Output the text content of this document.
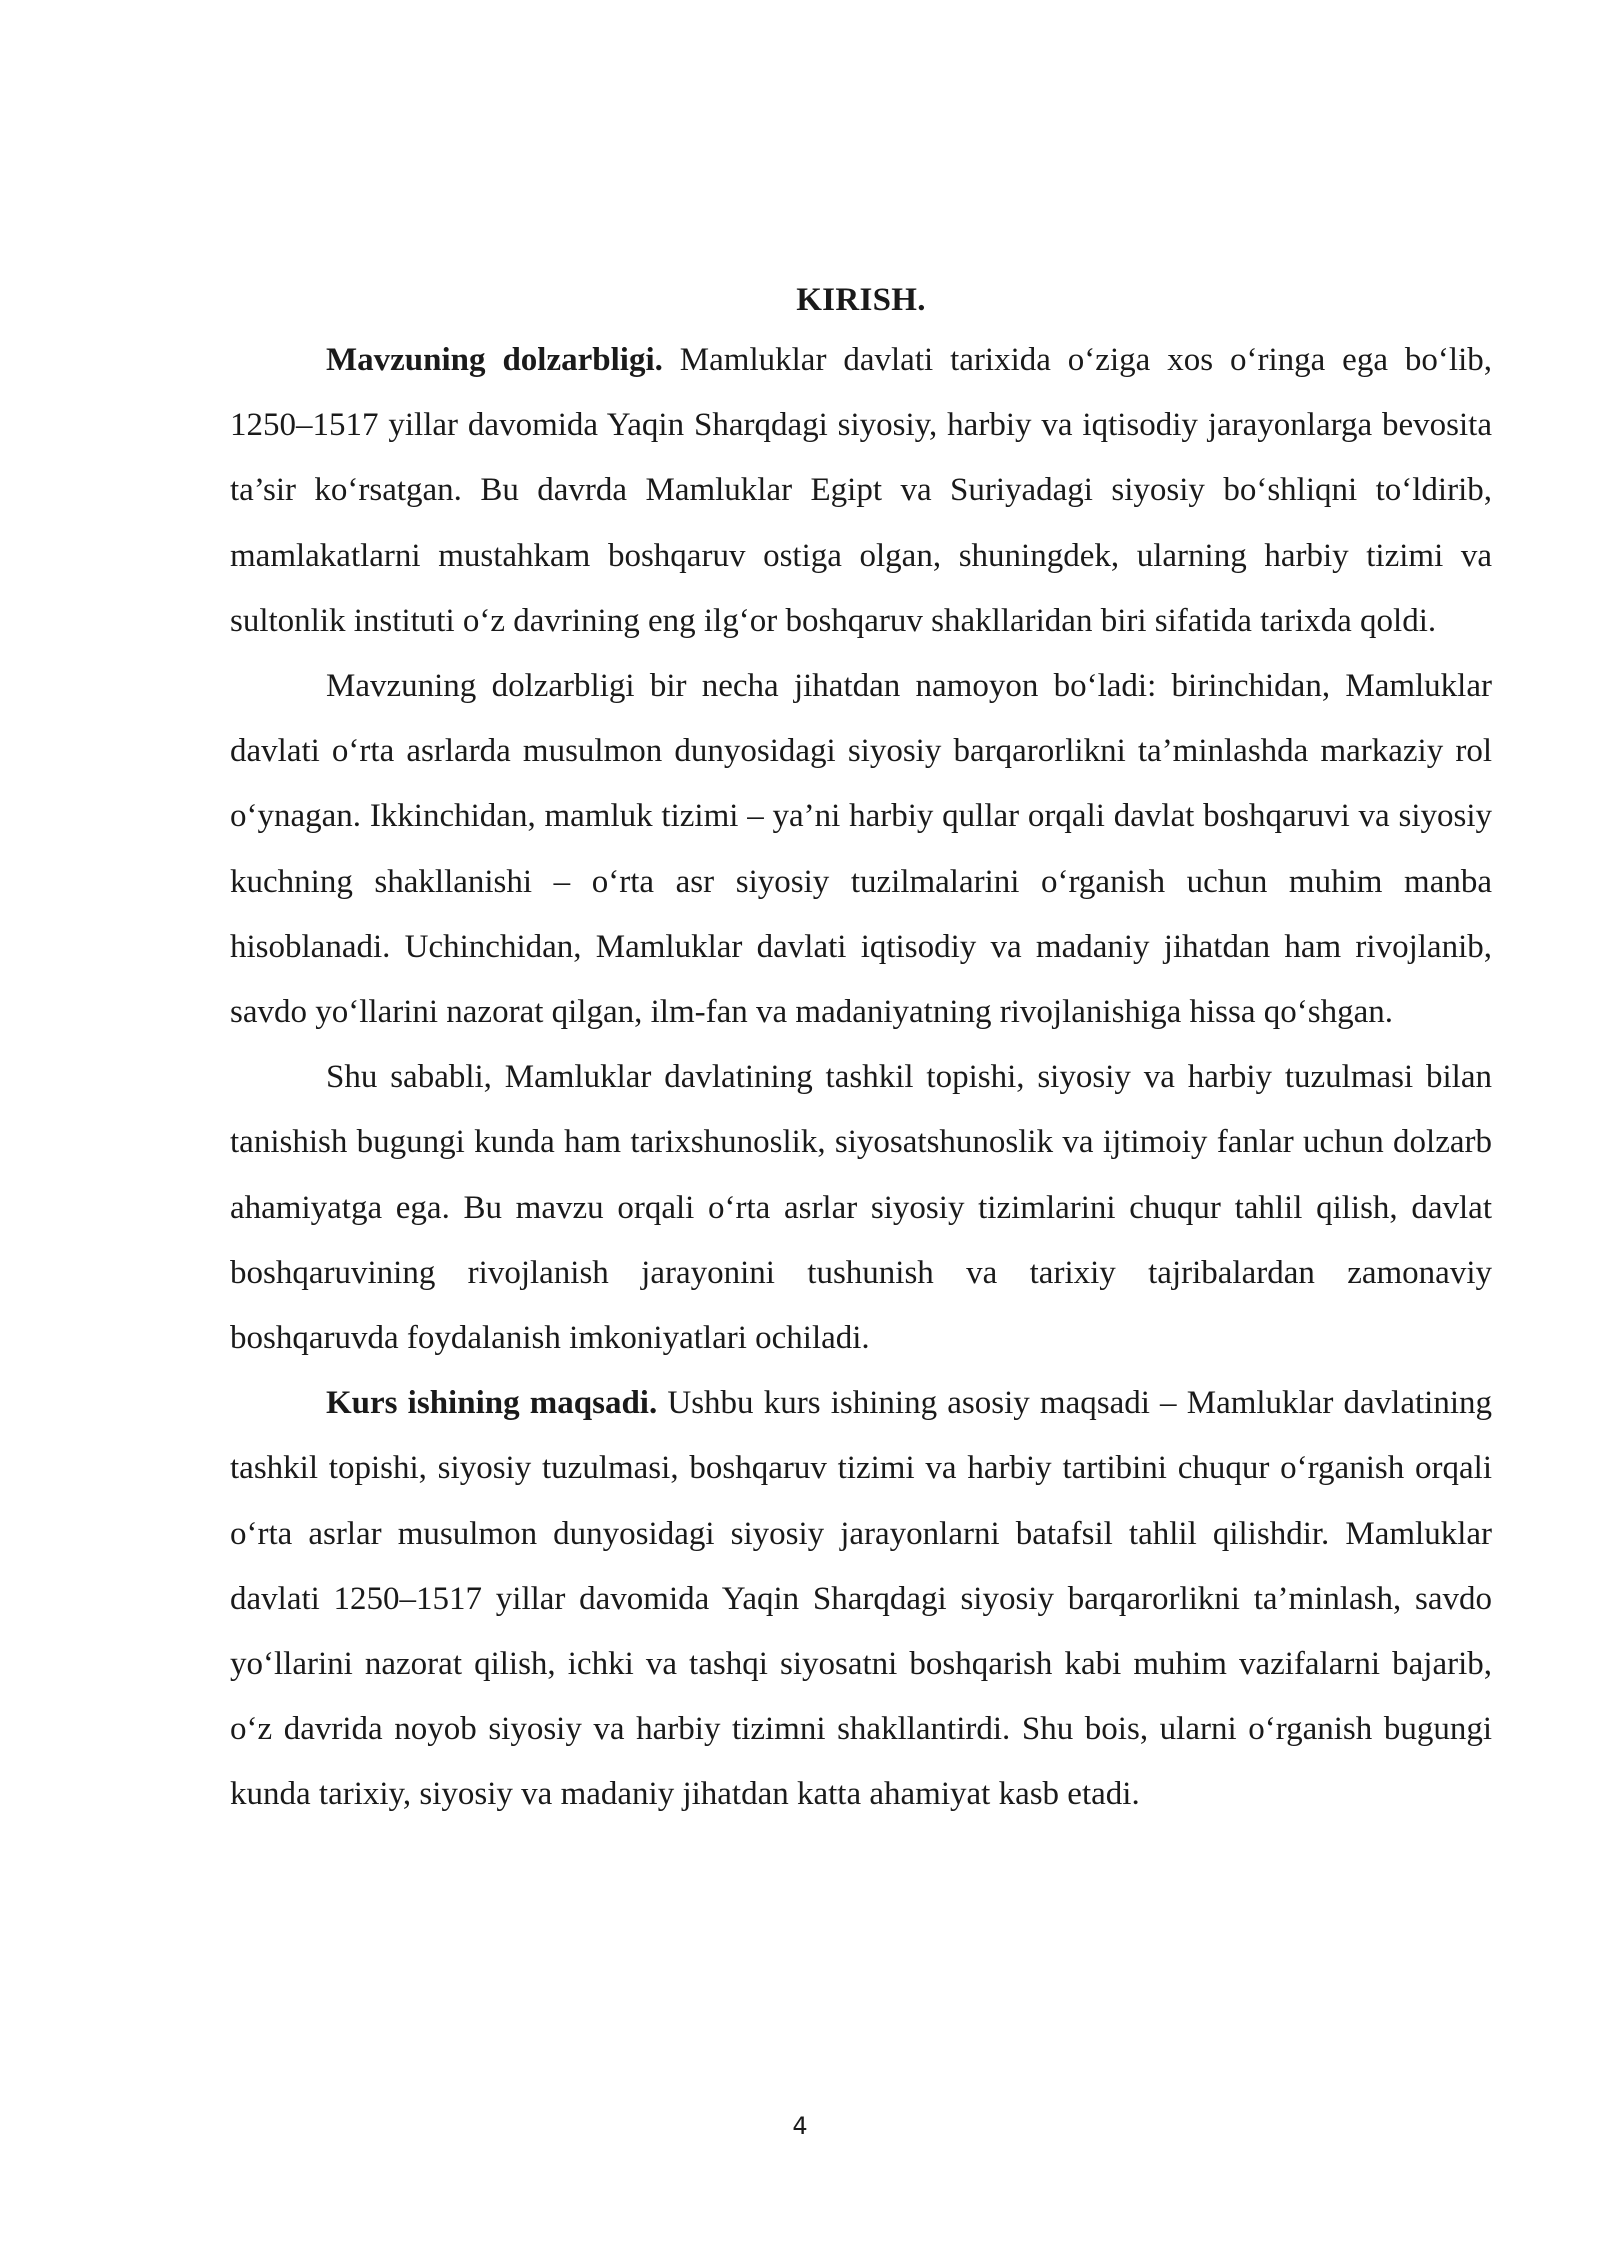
KIRISH.

Mavzuning dolzarbligi. Mamluklar davlati tarixida o‘ziga xos o‘ringa ega bo‘lib, 1250–1517 yillar davomida Yaqin Sharqdagi siyosiy, harbiy va iqtisodiy jarayonlarga bevosita ta’sir ko‘rsatgan. Bu davrda Mamluklar Egipt va Suriyadagi siyosiy bo‘shliqni to‘ldirib, mamlakatlarni mustahkam boshqaruv ostiga olgan, shuningdek, ularning harbiy tizimi va sultonlik instituti o‘z davrining eng ilg‘or boshqaruv shakllaridan biri sifatida tarixda qoldi.

Mavzuning dolzarbligi bir necha jihatdan namoyon bo‘ladi: birinchidan, Mamluklar davlati o‘rta asrlarda musulmon dunyosidagi siyosiy barqarorlikni ta’minlashda markaziy rol o‘ynagan. Ikkinchidan, mamluk tizimi – ya’ni harbiy qullar orqali davlat boshqaruvi va siyosiy kuchning shakllanishi – o‘rta asr siyosiy tuzilmalarini o‘rganish uchun muhim manba hisoblanadi. Uchinchidan, Mamluklar davlati iqtisodiy va madaniy jihatdan ham rivojlanib, savdo yo‘llarini nazorat qilgan, ilm-fan va madaniyatning rivojlanishiga hissa qo‘shgan.

Shu sababli, Mamluklar davlatining tashkil topishi, siyosiy va harbiy tuzulmasi bilan tanishish bugungi kunda ham tarixshunoslik, siyosatshunoslik va ijtimoiy fanlar uchun dolzarb ahamiyatga ega. Bu mavzu orqali o‘rta asrlar siyosiy tizimlarini chuqur tahlil qilish, davlat boshqaruvining rivojlanish jarayonini tushunish va tarixiy tajribalardan zamonaviy boshqaruvda foydalanish imkoniyatlari ochiladi.

Kurs ishining maqsadi. Ushbu kurs ishining asosiy maqsadi – Mamluklar davlatining tashkil topishi, siyosiy tuzulmasi, boshqaruv tizimi va harbiy tartibini chuqur o‘rganish orqali o‘rta asrlar musulmon dunyosidagi siyosiy jarayonlarni batafsil tahlil qilishdir. Mamluklar davlati 1250–1517 yillar davomida Yaqin Sharqdagi siyosiy barqarorlikni ta’minlash, savdo yo‘llarini nazorat qilish, ichki va tashqi siyosatni boshqarish kabi muhim vazifalarni bajarib, o‘z davrida noyob siyosiy va harbiy tizimni shakllantirdi. Shu bois, ularni o‘rganish bugungi kunda tarixiy, siyosiy va madaniy jihatdan katta ahamiyat kasb etadi.

4
